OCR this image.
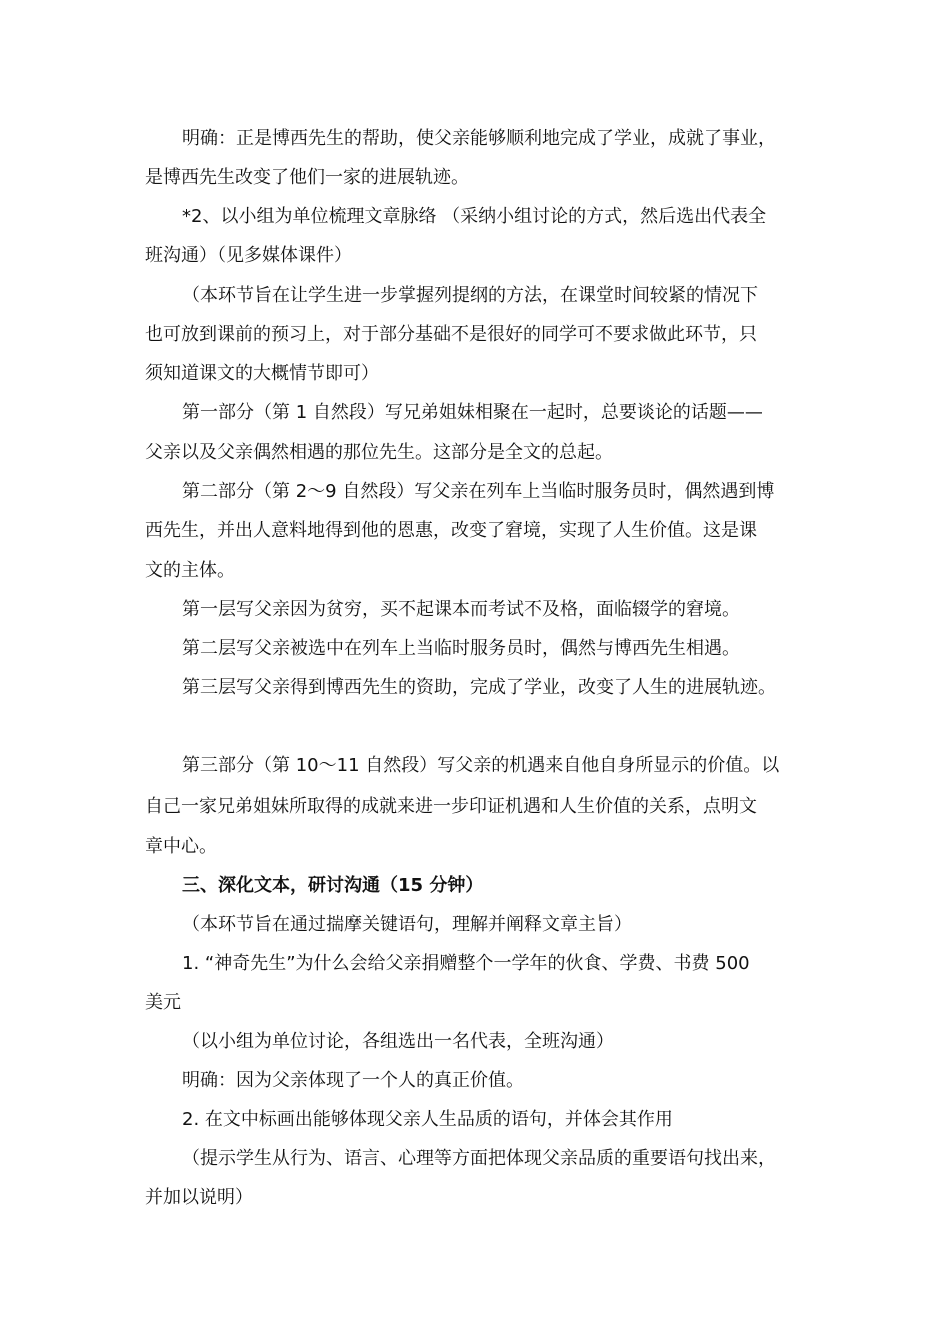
明确：正是博西先生的帮助，使父亲能够顺利地完成了学业，成就了事业，
是博西先生改变了他们一家的进展轨迹。
*2、以小组为单位梳理文章脉络 （采纳小组讨论的方式，然后选出代表全
班沟通）（见多媒体课件）
（本环节旨在让学生进一步掌握列提纲的方法，在课堂时间较紧的情况下
也可放到课前的预习上，对于部分基础不是很好的同学可不要求做此环节，只
须知道课文的大概情节即可）
第一部分（第 1 自然段）写兄弟姐妹相聚在一起时，总要谈论的话题——
父亲以及父亲偶然相遇的那位先生。这部分是全文的总起。
第二部分（第 2～9 自然段）写父亲在列车上当临时服务员时，偶然遇到博
西先生，并出人意料地得到他的恩惠，改变了窘境，实现了人生价值。这是课
文的主体。
第一层写父亲因为贫穷，买不起课本而考试不及格，面临辍学的窘境。
第二层写父亲被选中在列车上当临时服务员时，偶然与博西先生相遇。
第三层写父亲得到博西先生的资助，完成了学业，改变了人生的进展轨迹。
第三部分（第 10～11 自然段）写父亲的机遇来自他自身所显示的价值。以
自己一家兄弟姐妹所取得的成就来进一步印证机遇和人生价值的关系，点明文
章中心。
三、深化文本，研讨沟通（15 分钟）
（本环节旨在通过揣摩关键语句，理解并阐释文章主旨）
1. “神奇先生”为什么会给父亲捐赠整个一学年的伙食、学费、书费 500
美元
（以小组为单位讨论，各组选出一名代表，全班沟通）
明确：因为父亲体现了一个人的真正价值。
2. 在文中标画出能够体现父亲人生品质的语句，并体会其作用
（提示学生从行为、语言、心理等方面把体现父亲品质的重要语句找出来，
并加以说明）
